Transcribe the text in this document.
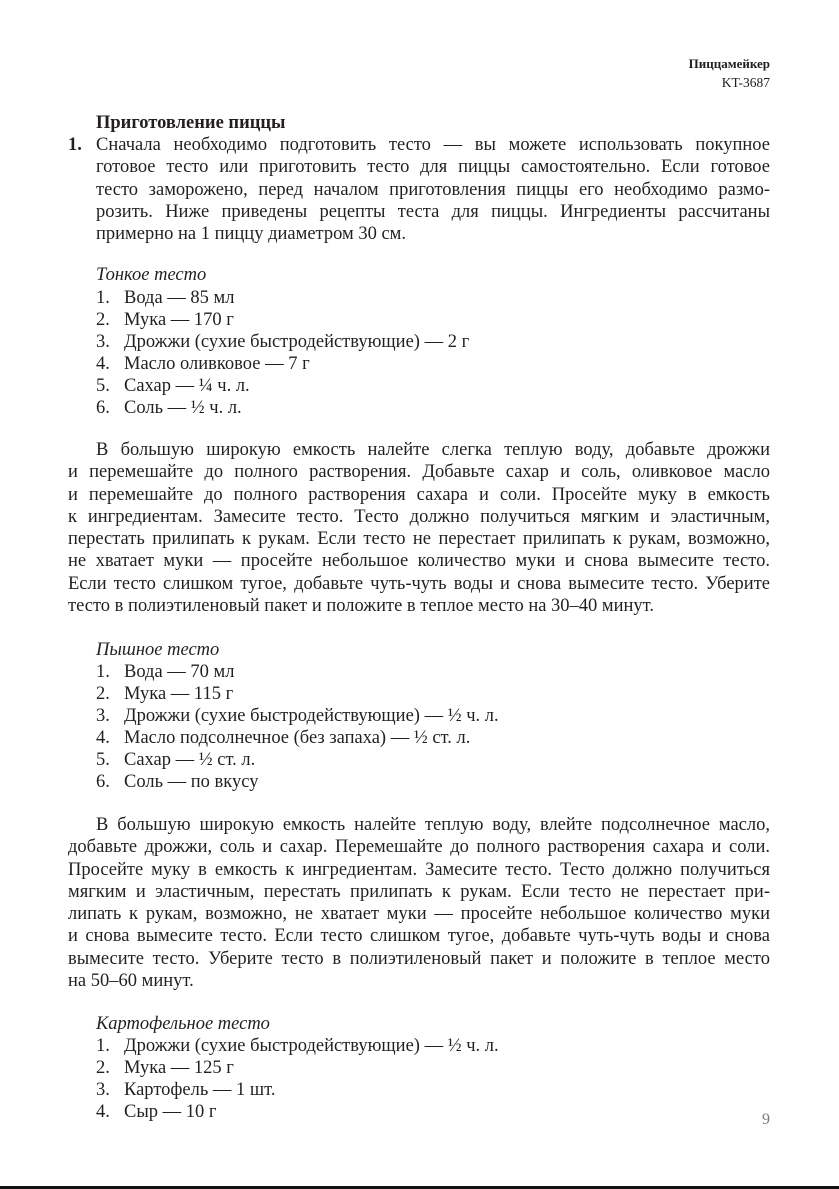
Пиццамейкер
KT-3687
Приготовление пиццы
1. Сначала необходимо подготовить тесто — вы можете использовать покупное
готовое тесто или приготовить тесто для пиццы самостоятельно. Если готовое
тесто заморожено, перед началом приготовления пиццы его необходимо размо-
розить. Ниже приведены рецепты теста для пиццы. Ингредиенты рассчитаны
примерно на 1 пиццу диаметром 30 см.
Тонкое тесто
1. Вода — 85 мл
2. Мука — 170 г
3. Дрожжи (сухие быстродействующие) — 2 г
4. Масло оливковое — 7 г
5. Сахар — ¼ ч. л.
6. Соль — ½ ч. л.
В большую широкую емкость налейте слегка теплую воду, добавьте дрожжи
и перемешайте до полного растворения. Добавьте сахар и соль, оливковое масло
и перемешайте до полного растворения сахара и соли. Просейте муку в емкость
к ингредиентам. Замесите тесто. Тесто должно получиться мягким и эластичным,
перестать прилипать к рукам. Если тесто не перестает прилипать к рукам, возможно,
не хватает муки — просейте небольшое количество муки и снова вымесите тесто.
Если тесто слишком тугое, добавьте чуть-чуть воды и снова вымесите тесто. Уберите
тесто в полиэтиленовый пакет и положите в теплое место на 30–40 минут.
Пышное тесто
1. Вода — 70 мл
2. Мука — 115 г
3. Дрожжи (сухие быстродействующие) — ½ ч. л.
4. Масло подсолнечное (без запаха) — ½ ст. л.
5. Сахар — ½ ст. л.
6. Соль — по вкусу
В большую широкую емкость налейте теплую воду, влейте подсолнечное масло,
добавьте дрожжи, соль и сахар. Перемешайте до полного растворения сахара и соли.
Просейте муку в емкость к ингредиентам. Замесите тесто. Тесто должно получиться
мягким и эластичным, перестать прилипать к рукам. Если тесто не перестает при-
липать к рукам, возможно, не хватает муки — просейте небольшое количество муки
и снова вымесите тесто. Если тесто слишком тугое, добавьте чуть-чуть воды и снова
вымесите тесто. Уберите тесто в полиэтиленовый пакет и положите в теплое место
на 50–60 минут.
Картофельное тесто
1. Дрожжи (сухие быстродействующие) — ½ ч. л.
2. Мука — 125 г
3. Картофель — 1 шт.
4. Сыр — 10 г	9
